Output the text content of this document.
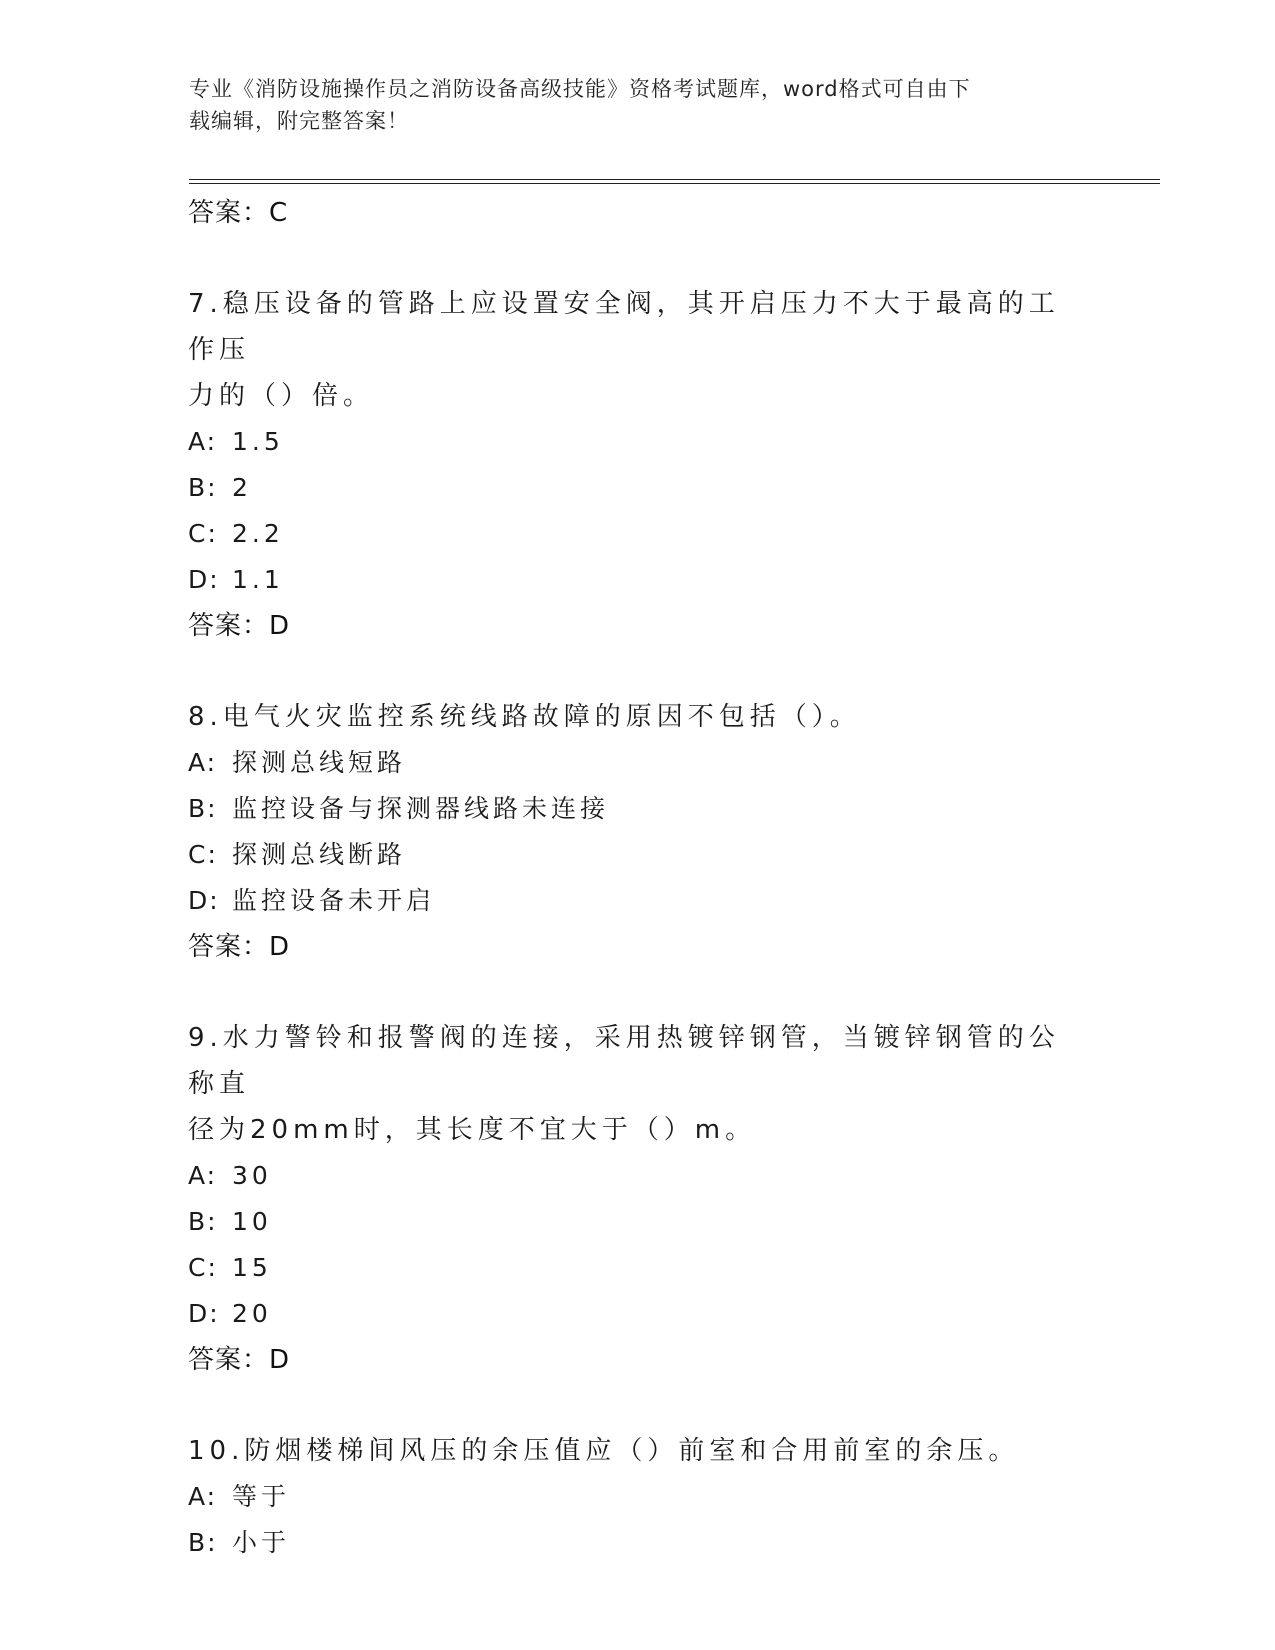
专业《消防设施操作员之消防设备高级技能》资格考试题库，word格式可自由下
载编辑，附完整答案！
答案：C
7.稳压设备的管路上应设置安全阀，其开启压力不大于最高的工作压
力的（）倍。
A: 1.5
B: 2
C: 2.2
D: 1.1
答案：D
8.电气火灾监控系统线路故障的原因不包括（）。
A: 探测总线短路
B: 监控设备与探测器线路未连接
C: 探测总线断路
D: 监控设备未开启
答案：D
9.水力警铃和报警阀的连接，采用热镀锌钢管，当镀锌钢管的公称直
径为20mm时，其长度不宜大于（）m。
A: 30
B: 10
C: 15
D: 20
答案：D
10.防烟楼梯间风压的余压值应（）前室和合用前室的余压。
A: 等于
B: 小于
